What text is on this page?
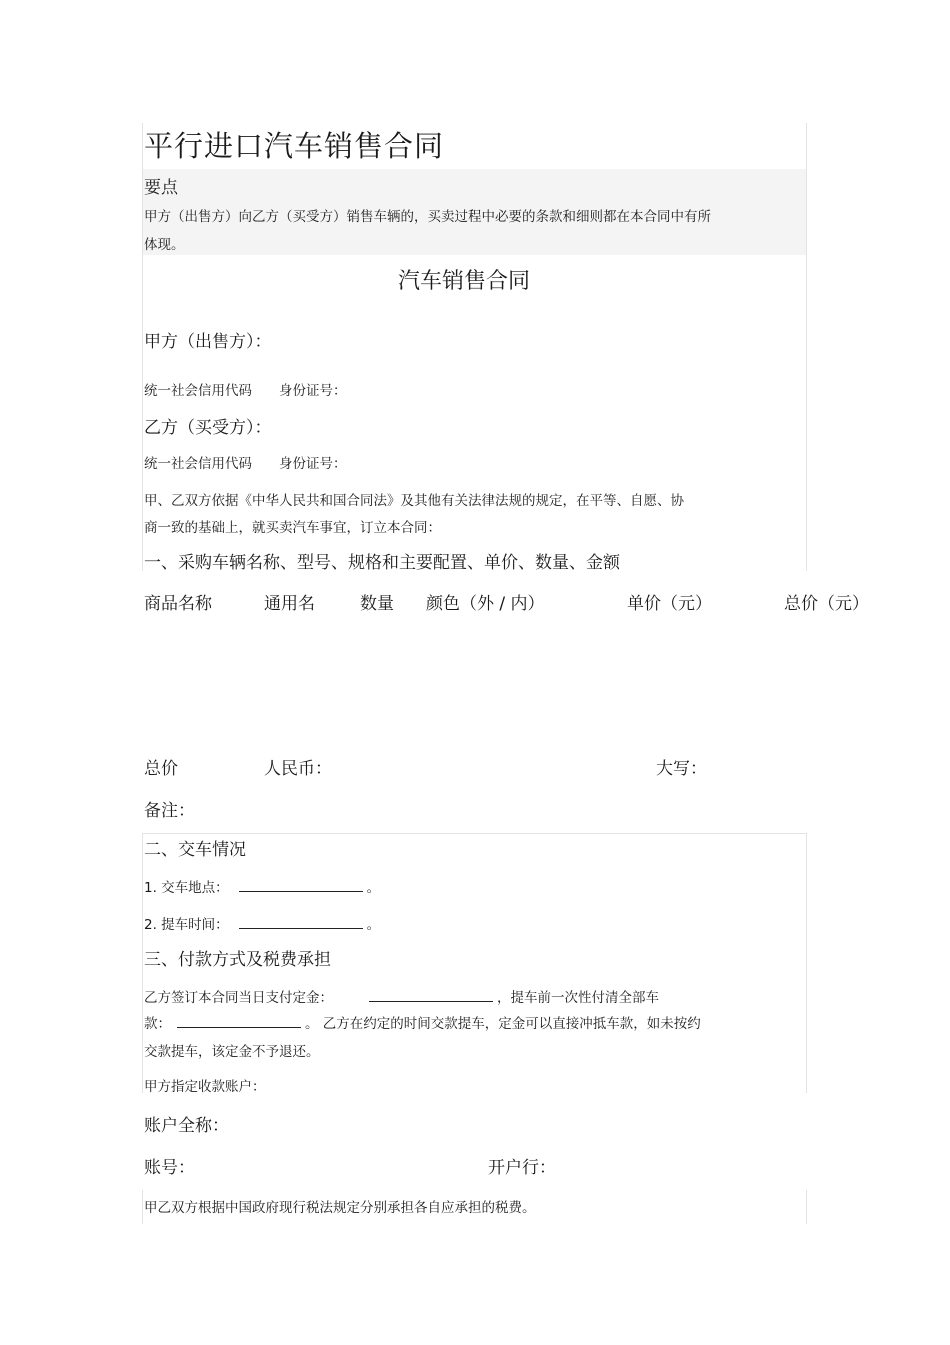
平行进口汽车销售合同
要点
甲方（出售方）向乙方（买受方）销售车辆的，买卖过程中必要的条款和细则都在本合同中有所
体现。
汽车销售合同
甲方（出售方）：
统一社会信用代码　　身份证号：
乙方（买受方）：
统一社会信用代码　　身份证号：
甲、乙双方依据《中华人民共和国合同法》及其他有关法律法规的规定，在平等、自愿、协
商一致的基础上，就买卖汽车事宜，订立本合同：
一、采购车辆名称、型号、规格和主要配置、单价、数量、金额
商品名称	通用名	数量 颜色（外 / 内）	单价（元）	总价（元）
总价	人民币：	大写：
备注：
二、交车情况
1. 交车地点：	。
2. 提车时间：	。
三、付款方式及税费承担
乙方签订本合同当日支付定金：	，提车前一次性付清全部车
款：	。 乙方在约定的时间交款提车，定金可以直接冲抵车款，如未按约
交款提车，该定金不予退还。
甲方指定收款账户：
账户全称：
账号：	开户行：
甲乙双方根据中国政府现行税法规定分别承担各自应承担的税费。
